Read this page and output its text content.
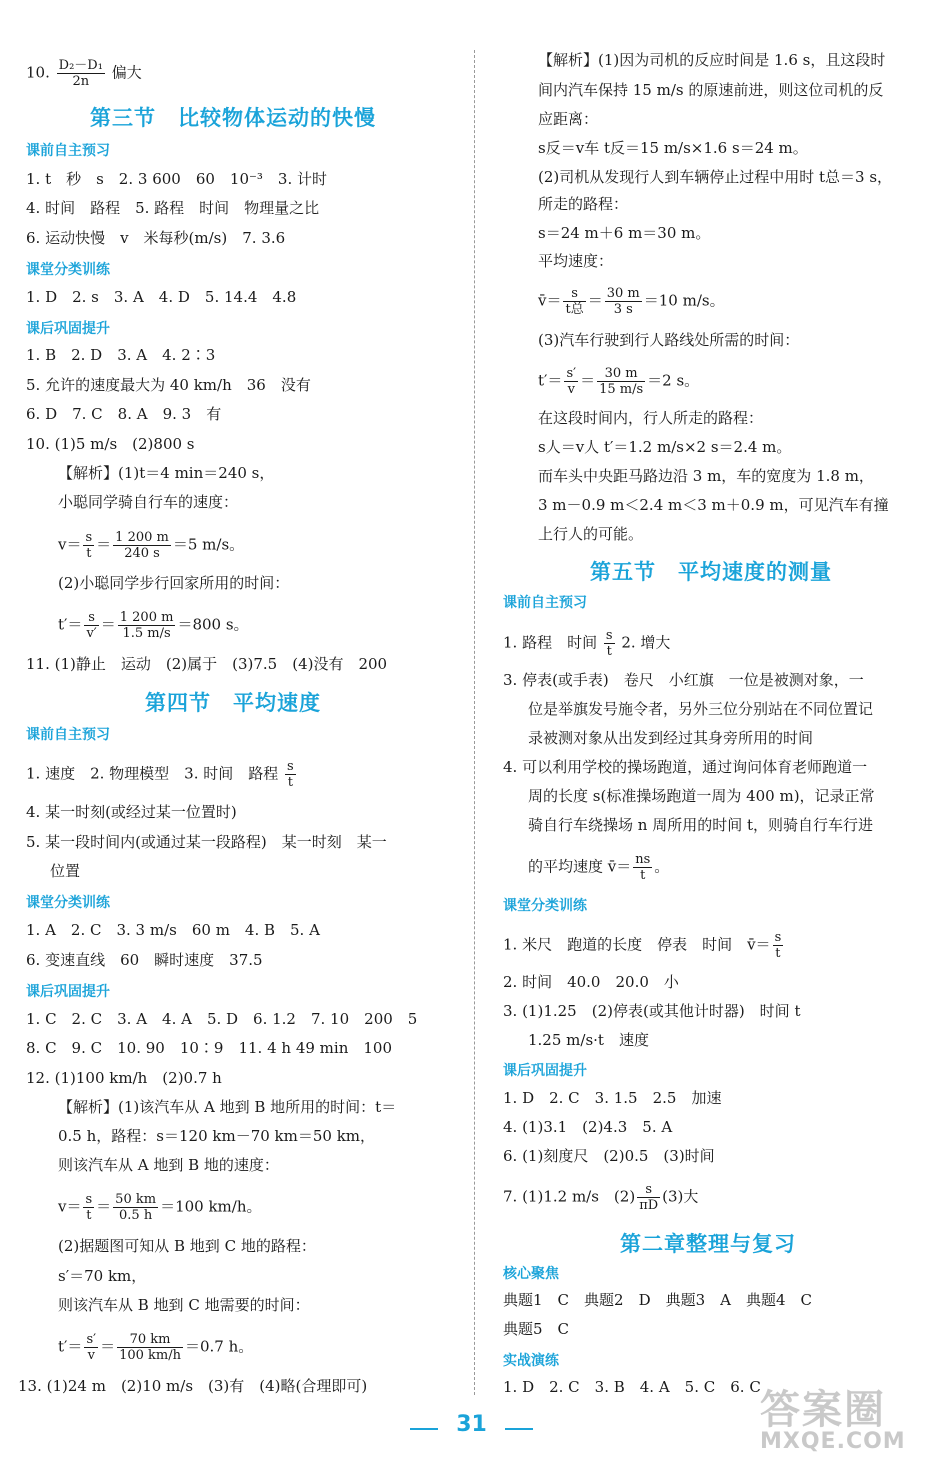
10. $\frac{\text{D₂－D₁}}{2n}$ 偏大
第三节　比较物体运动的快慢
课前自主预习
1. t　秒　s　2. 3 600　60　10⁻³　3. 计时
4. 时间　路程　5. 路程　时间　物理量之比
6. 运动快慢　v　米每秒(m/s)　7. 3.6
课堂分类训练
1. D　2. s　3. A　4. D　5. 14.4　4.8
课后巩固提升
1. B　2. D　3. A　4. 2∶3
5. 允许的速度最大为 40 km/h　36　没有
6. D　7. C　8. A　9. 3　有
10. (1)5 m/s　(2)800 s
【解析】(1)t＝4 min＝240 s，
小聪同学骑自行车的速度：
$v= \frac{s}{t} = \frac{1 200 m}{240 s} =5$ m/s。
(2)小聪同学步行回家所用的时间：
$t'= \frac{s}{v'} = \frac{1 200 m}{1.5 m/s} =800$ s。
11. (1)静止　运动　(2)属于　(3)7.5　(4)没有　200
第四节　平均速度
课前自主预习
1. 速度　2. 物理模型　3. 时间　路程 $\frac{s}{t}$
4. 某一时刻(或经过某一位置时)
5. 某一段时间内(或通过某一段路程)　某一时刻　某一
位置
课堂分类训练
1. A　2. C　3. 3 m/s　60 m　4. B　5. A
6. 变速直线　60　瞬时速度　37.5
课后巩固提升
1. C　2. C　3. A　4. A　5. D　6. 1.2　7. 10　200　5
8. C　9. C　10. 90　10∶9　11. 4 h 49 min　100
12. (1)100 km/h　(2)0.7 h
【解析】(1)该汽车从 A 地到 B 地所用的时间：t＝
0.5 h，路程：s＝120 km－70 km＝50 km，
则该汽车从 A 地到 B 地的速度：
$v= \frac{s}{t} = \frac{50 km}{0.5 h} =100$ km/h。
(2)据题图可知从 B 地到 C 地的路程：
s′＝70 km，
则该汽车从 B 地到 C 地需要的时间：
$t'= \frac{s'}{v} = \frac{70 km}{100 km/h} =0.7$ h。
13. (1)24 m　(2)10 m/s　(3)有　(4)略(合理即可)
【解析】(1)因为司机的反应时间是 1.6 s，且这段时
间内汽车保持 15 m/s 的原速前进，则这位司机的反
应距离：
s反＝v车 t反＝15 m/s×1.6 s＝24 m。
(2)司机从发现行人到车辆停止过程中用时 t总＝3 s，
所走的路程：
s＝24 m＋6 m＝30 m。
平均速度：
v̄＝ $\frac{s}{\text{t总}} = \frac{30 m}{3 s} =10$ m/s。
(3)汽车行驶到行人路线处所需的时间：
$t'= \frac{s'}{v} = \frac{30 m}{15 m/s} =2$ s。
在这段时间内，行人所走的路程：
s人＝v人 t′＝1.2 m/s×2 s＝2.4 m。
而车头中央距马路边沿 3 m，车的宽度为 1.8 m，
3 m－0.9 m＜2.4 m＜3 m＋0.9 m，可见汽车有撞
上行人的可能。
第五节　平均速度的测量
课前自主预习
1. 路程　时间 $\frac{s}{t} 2$. 增大
3. 停表(或手表)　卷尺　小红旗　一位是被测对象，一
位是举旗发号施令者，另外三位分别站在不同位置记
录被测对象从出发到经过其身旁所用的时间
4. 可以利用学校的操场跑道，通过询问体育老师跑道一
周的长度 s(标准操场跑道一周为 400 m)，记录正常
骑自行车绕操场 n 周所用的时间 t，则骑自行车行进
的平均速度 v̄＝ $\frac{ns}{t}$ 。
课堂分类训练
1. 米尺　跑道的长度　停表　时间　v̄＝ $\frac{s}{t}$
2. 时间　40.0　20.0　小
3. (1)1.25　(2)停表(或其他计时器)　时间 t
1.25 m/s·t　速度
课后巩固提升
1. D　2. C　3. 1.5　2.5　加速
4. (1)3.1　(2)4.3　5. A
6. (1)刻度尺　(2)0.5　(3)时间
7. (1)1.2 m/s　$(2) \frac{s}{\pi D} (3)$大
第二章整理与复习
核心聚焦
典题1　C　典题2　D　典题3　A　典题4　C
典题5　C
实战演练
1. D　2. C　3. B　4. A　5. C　6. C
31	答案圈
MXQE.COM
